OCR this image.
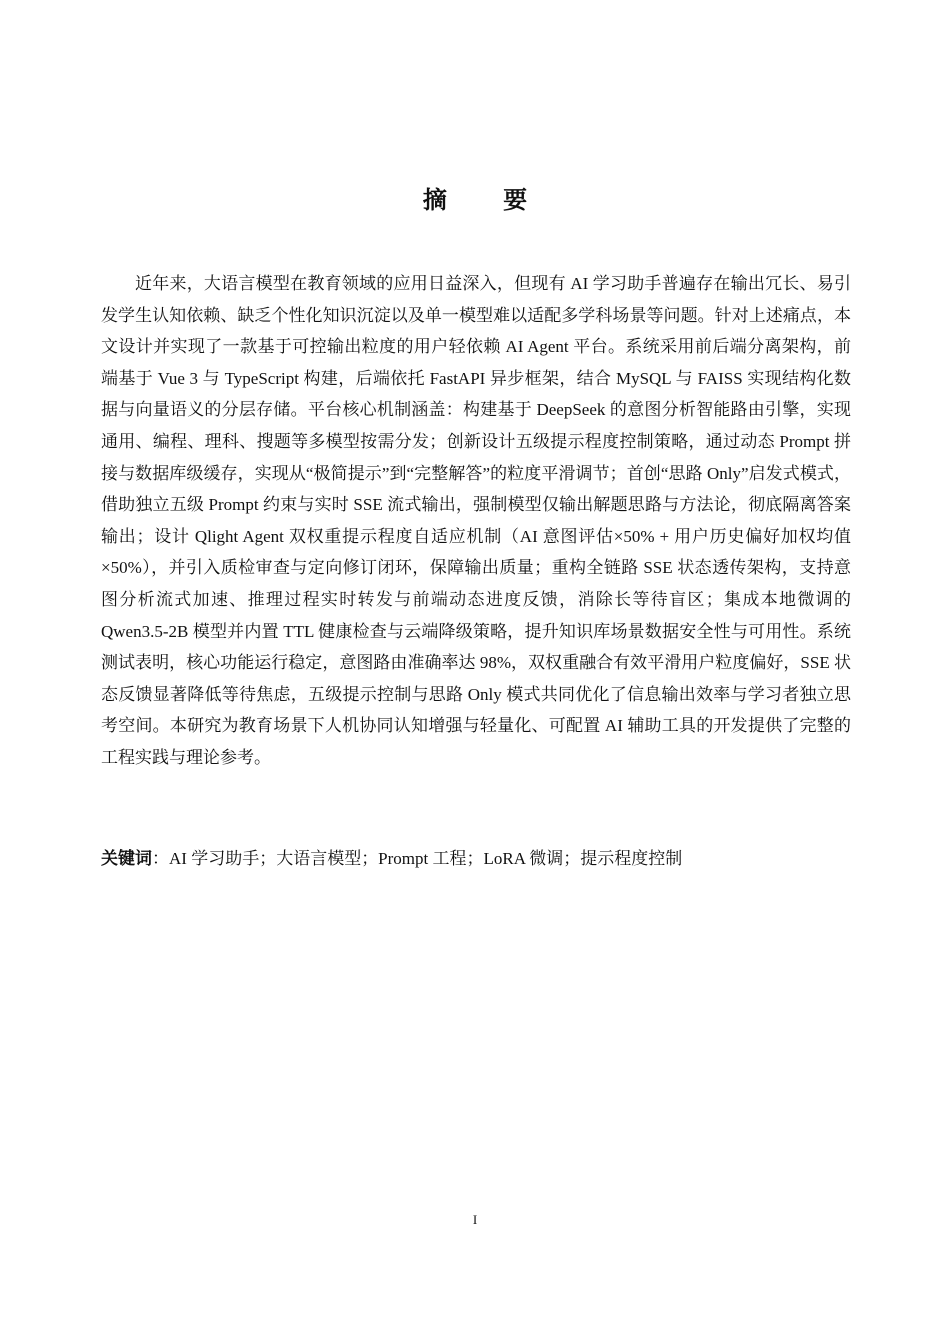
摘 要

近年来，大语言模型在教育领域的应用日益深入，但现有 AI 学习助手普遍存在输出冗长、易引发学生认知依赖、缺乏个性化知识沉淀以及单一模型难以适配多学科场景等问题。针对上述痛点，本文设计并实现了一款基于可控输出粒度的用户轻依赖 AI Agent 平台。系统采用前后端分离架构，前端基于 Vue 3 与 TypeScript 构建，后端依托 FastAPI 异步框架，结合 MySQL 与 FAISS 实现结构化数据与向量语义的分层存储。平台核心机制涵盖：构建基于 DeepSeek 的意图分析智能路由引擎，实现通用、编程、理科、搜题等多模型按需分发；创新设计五级提示程度控制策略，通过动态 Prompt 拼接与数据库级缓存，实现从“极简提示”到“完整解答”的粒度平滑调节；首创“思路 Only”启发式模式，借助独立五级 Prompt 约束与实时 SSE 流式输出，强制模型仅输出解题思路与方法论，彻底隔离答案输出；设计 Qlight Agent 双权重提示程度自适应机制（AI 意图评估×50% + 用户历史偏好加权均值×50%），并引入质检审查与定向修订闭环，保障输出质量；重构全链路 SSE 状态透传架构，支持意图分析流式加速、推理过程实时转发与前端动态进度反馈，消除长等待盲区；集成本地微调的 Qwen3.5-2B 模型并内置 TTL 健康检查与云端降级策略，提升知识库场景数据安全性与可用性。系统测试表明，核心功能运行稳定，意图路由准确率达 98%，双权重融合有效平滑用户粒度偏好，SSE 状态反馈显著降低等待焦虑，五级提示控制与思路 Only 模式共同优化了信息输出效率与学习者独立思考空间。本研究为教育场景下人机协同认知增强与轻量化、可配置 AI 辅助工具的开发提供了完整的工程实践与理论参考。

关键词：AI 学习助手；大语言模型；Prompt 工程；LoRA 微调；提示程度控制

I
